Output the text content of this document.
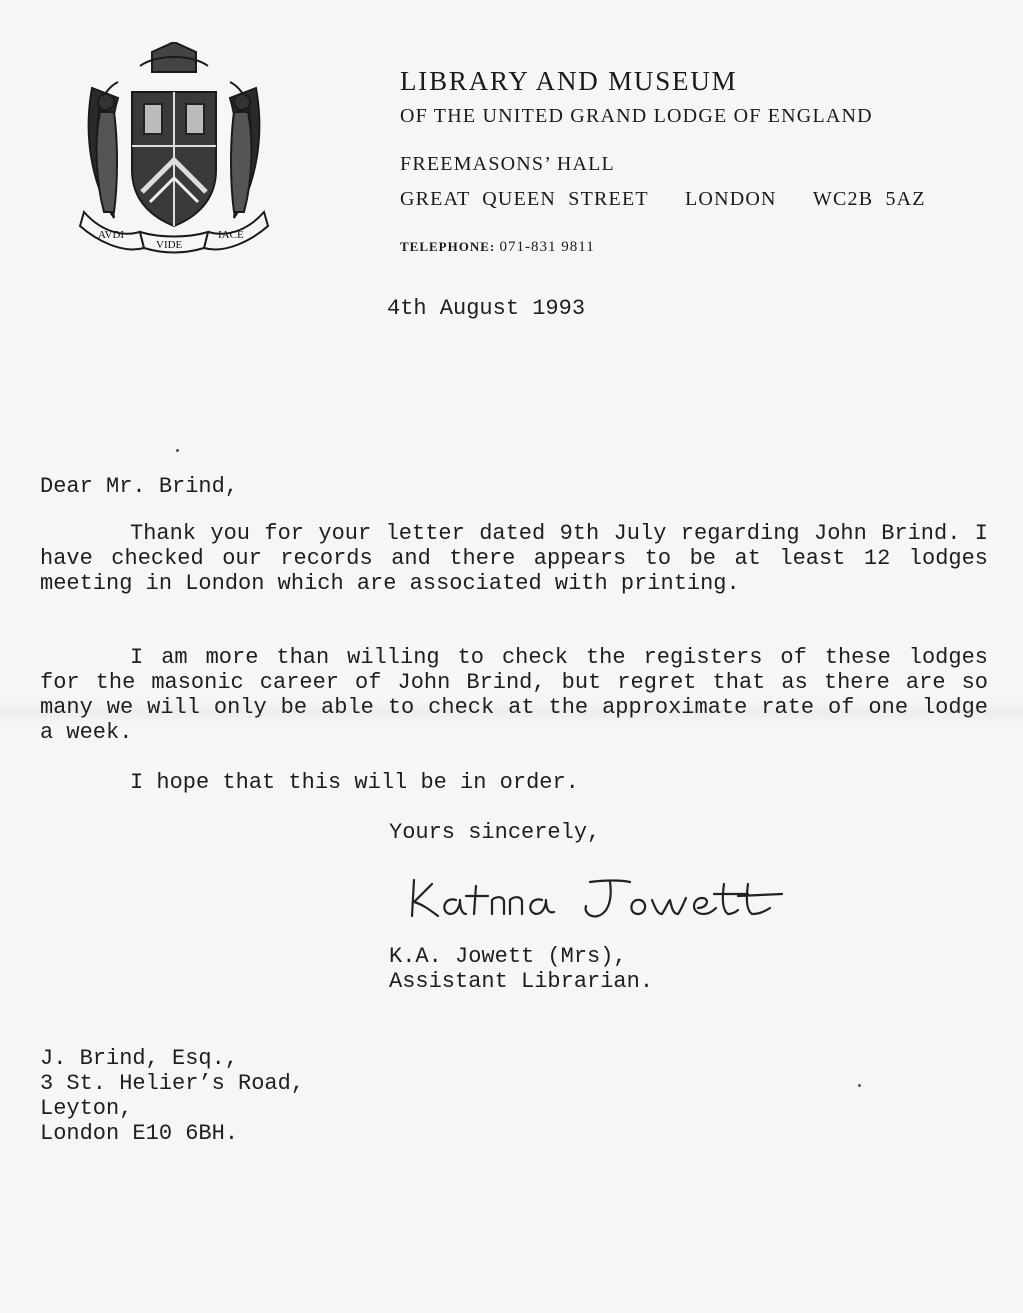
AVDI
VIDE
IACE
LIBRARY AND MUSEUM
OF THE UNITED GRAND LODGE OF ENGLAND
FREEMASONS’ HALL
GREAT QUEEN STREET   LONDON   WC2B 5AZ
TELEPHONE: 071-831 9811
4th August 1993
Dear Mr. Brind,
Thank you for your letter dated 9th July regarding John Brind. I have checked our records and there appears to be at least 12 lodges meeting in London which are associated with printing.
I am more than willing to check the registers of these lodges for the masonic career of John Brind, but regret that as there are so many we will only be able to check at the approximate rate of one lodge a week.
I hope that this will be in order.
Yours sincerely,
K.A. Jowett (Mrs),
Assistant Librarian.
J. Brind, Esq.,
3 St. Helier’s Road,
Leyton,
London E10 6BH.
